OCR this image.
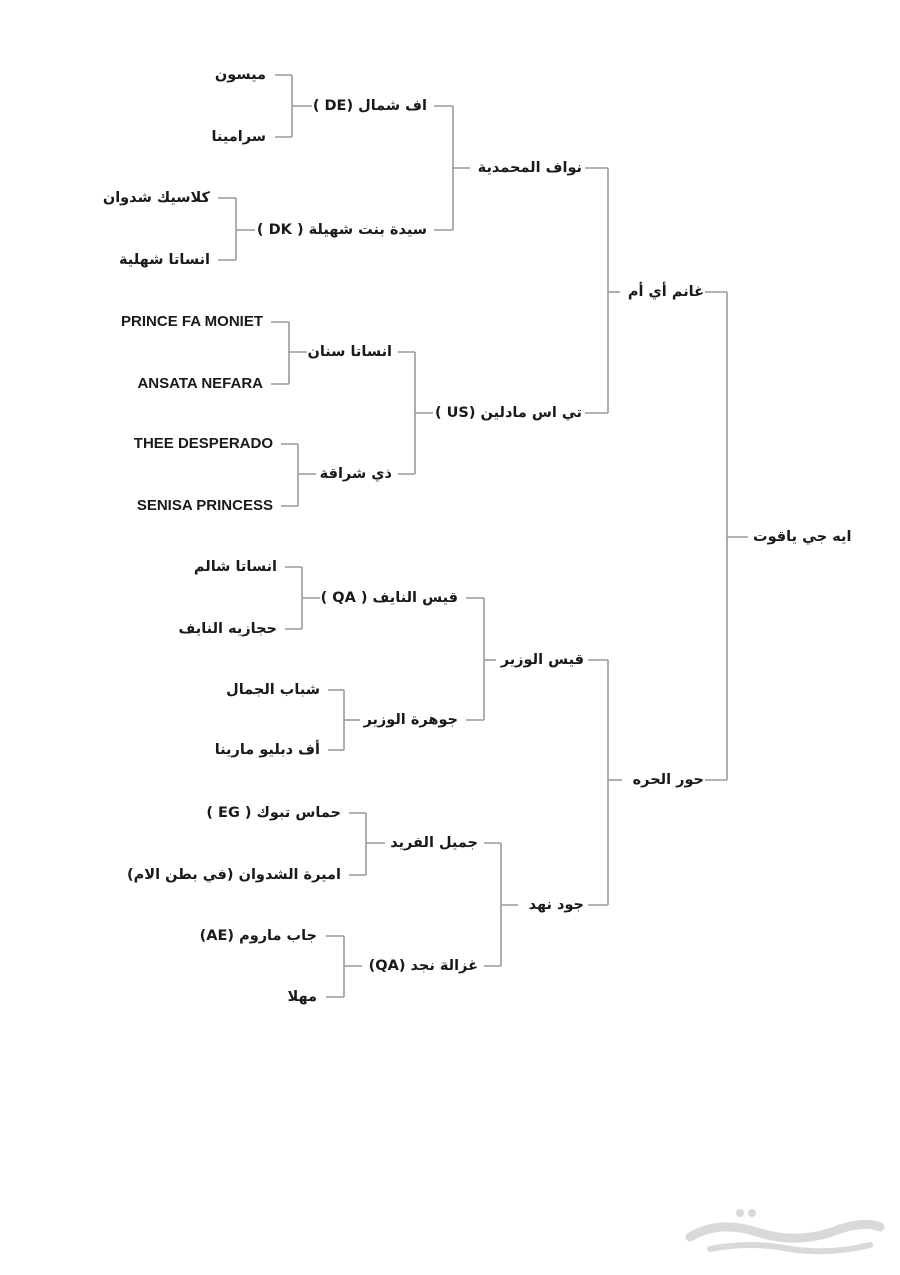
ايه جي ياقوت
غانم أي أم
حور الحره
نواف المحمدية
تي اس مادلين (US )
قيس الوزير
جود نهد
اف شمال (DE )
سيدة بنت شهيلة ( DK )
انساتا سنان
ذي شراقة
قيس النايف ( QA )
جوهرة الوزير
جميل الفريد
غزالة نجد (QA)
ميسون
سرامينا
كلاسيك شدوان
انساتا شهلية
PRINCE FA MONIET
ANSATA NEFARA
THEE DESPERADO
SENISA PRINCESS
انساتا شالم
حجازيه النايف
شباب الجمال
أف دبليو مارينا
حماس تبوك ( EG )
اميرة الشدوان (في بطن الام)
جاب ماروم (AE)
مهلا
